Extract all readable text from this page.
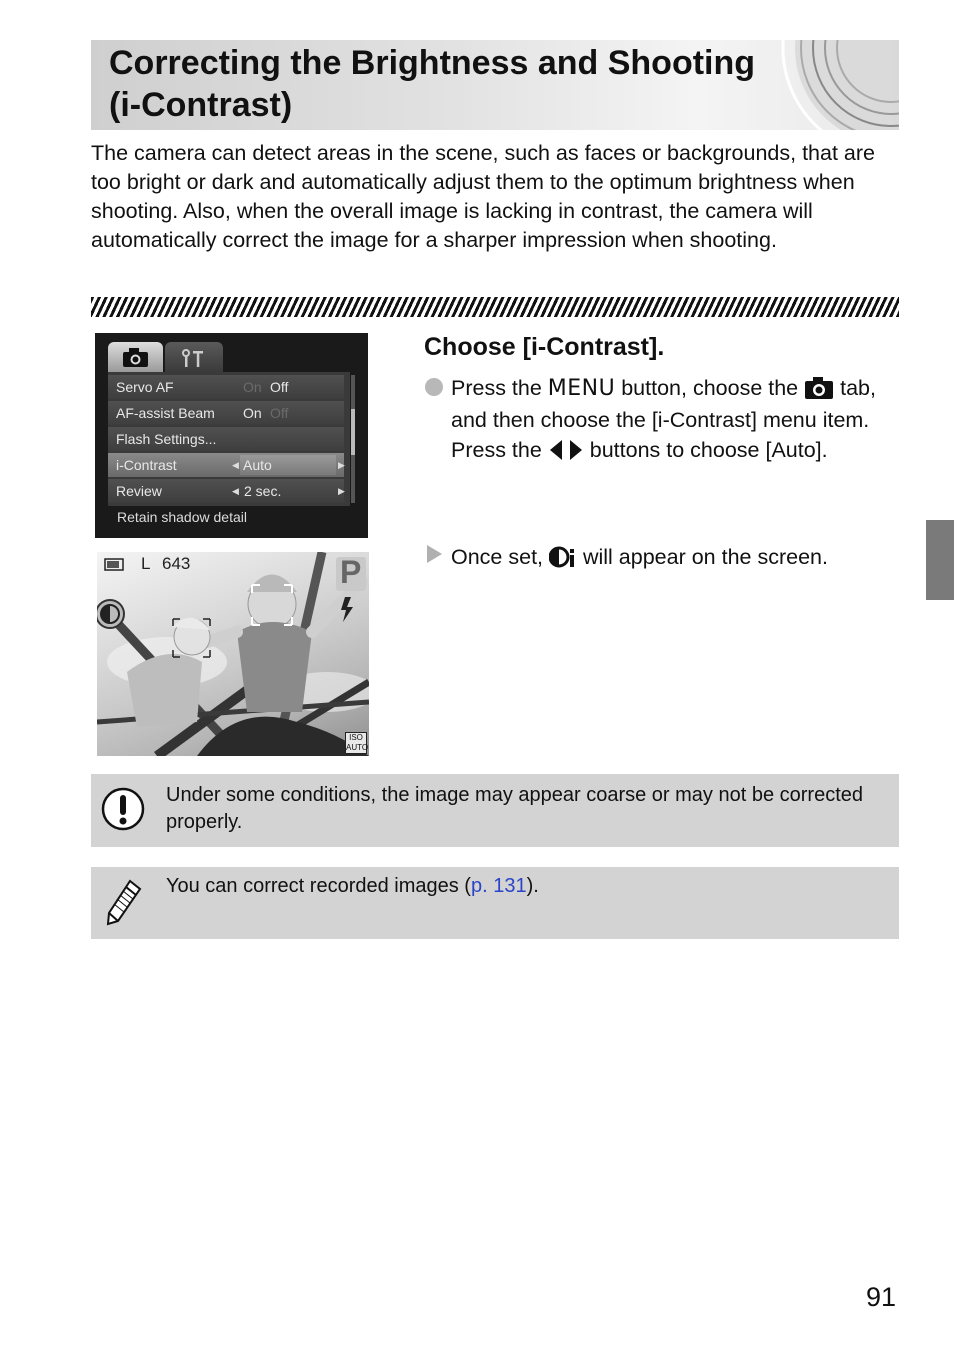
Correcting the Brightness and Shooting
(i-Contrast)

The camera can detect areas in the scene, such as faces or backgrounds, that are too bright or dark and automatically adjust them to the optimum brightness when shooting. Also, when the overall image is lacking in contrast, the camera will automatically correct the image for a sharper impression when shooting.

Servo AF	On Off
AF-assist Beam On Off
Flash Settings...
i-Contrast	◀ Auto	▶
Review	◀ 2 sec.	▶
Retain shadow detail
L 643	P
ISO
AUTO
Choose [i-Contrast].
Press the MENU button, choose the  tab, and then choose the [i-Contrast] menu item. Press the  buttons to choose [Auto].
Once set,  will appear on the screen.
Under some conditions, the image may appear coarse or may not be corrected properly.
You can correct recorded images (p. 131).
91
